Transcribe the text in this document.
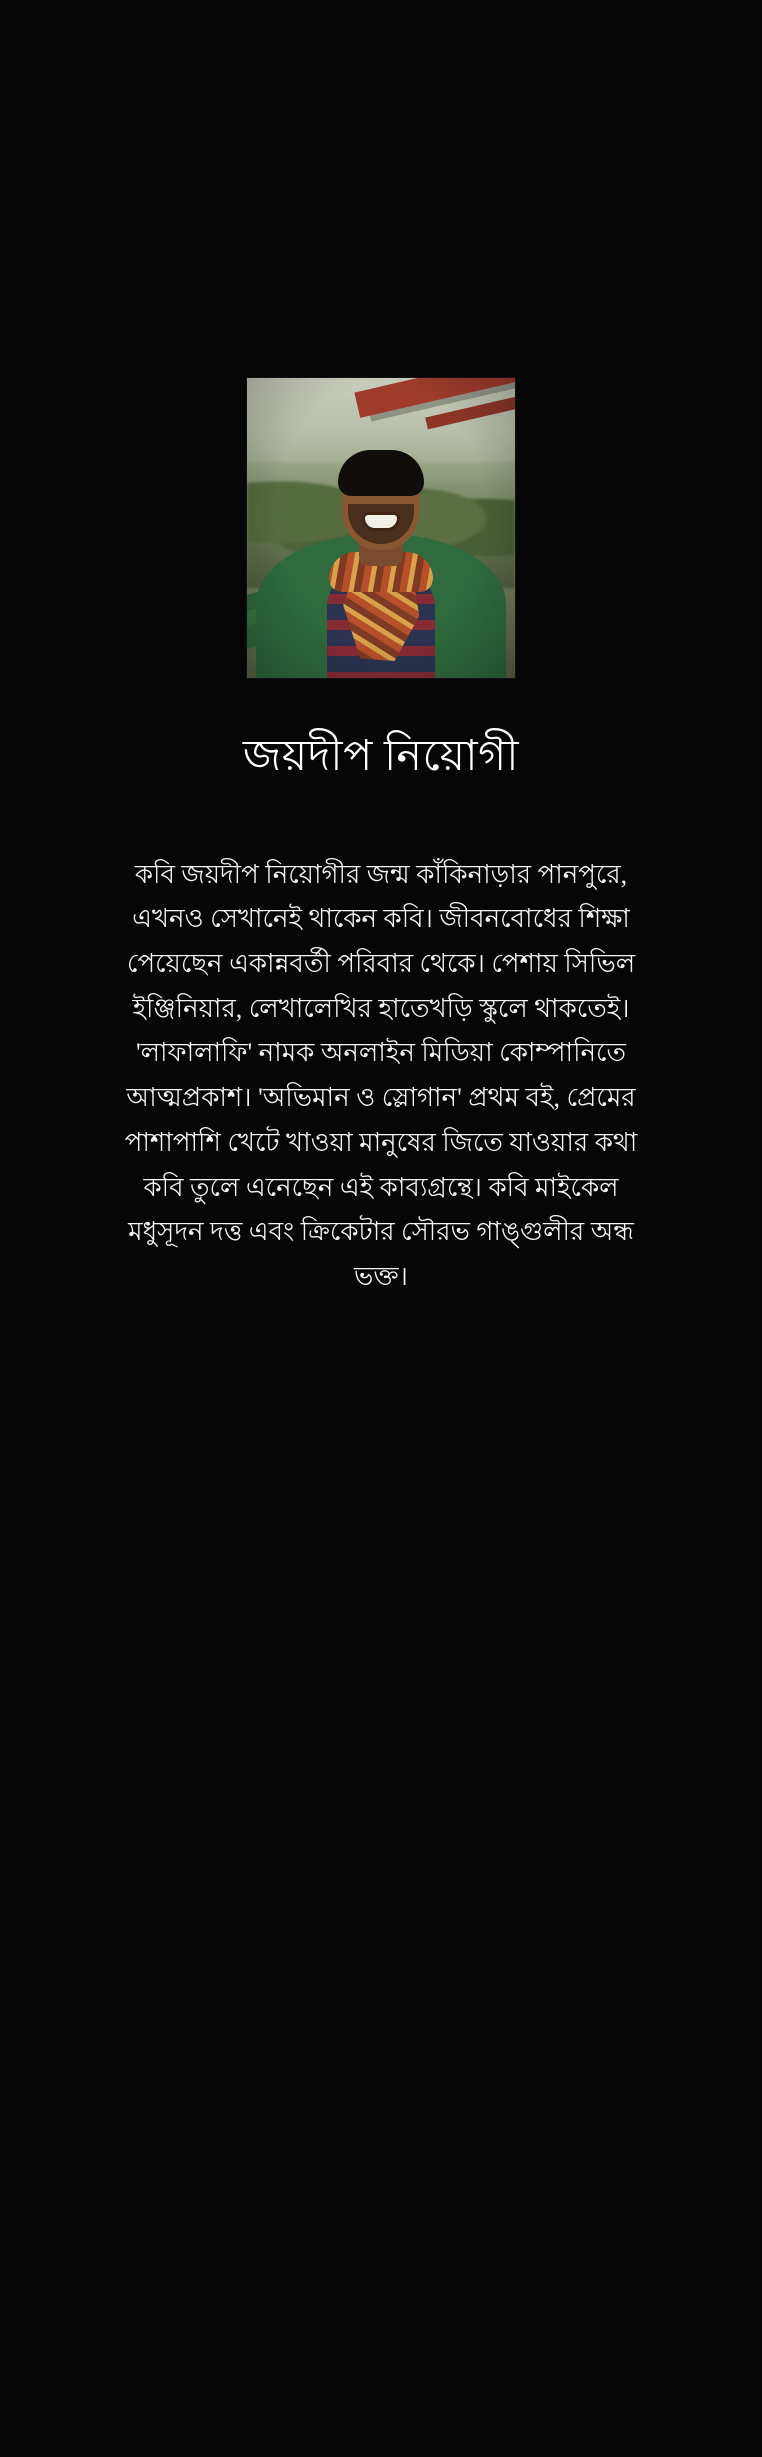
জয়দীপ নিয়োগী

কবি জয়দীপ নিয়োগীর জন্ম কাঁকিনাড়ার পানপুরে, এখনও সেখানেই থাকেন কবি। জীবনবোধের শিক্ষা পেয়েছেন একান্নবর্তী পরিবার থেকে। পেশায় সিভিল ইঞ্জিনিয়ার, লেখালেখির হাতেখড়ি স্কুলে থাকতেই। 'লাফালাফি' নামক অনলাইন মিডিয়া কোম্পানিতে আত্মপ্রকাশ। 'অভিমান ও স্লোগান' প্রথম বই, প্রেমের পাশাপাশি খেটে খাওয়া মানুষের জিতে যাওয়ার কথা কবি তুলে এনেছেন এই কাব্যগ্রন্থে। কবি মাইকেল মধুসূদন দত্ত এবং ক্রিকেটার সৌরভ গাঙ্গুলীর অন্ধ ভক্ত।
